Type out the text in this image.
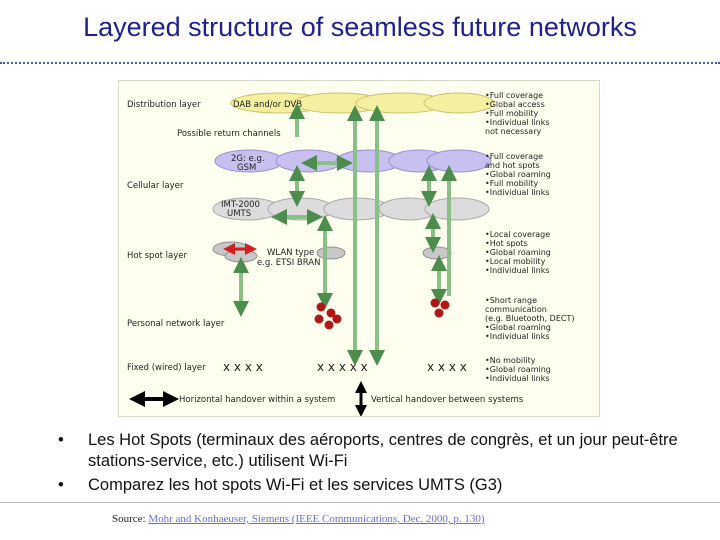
Layered structure of seamless future networks
Distribution layer
Possible return channels
Cellular layer
Hot spot layer
Personal network layer
Fixed (wired) layer
DAB and/or DVB
2G: e.g.
GSM
IMT-2000
UMTS
WLAN type
e.g. ETSI BRAN
x x x x	x x x x x	x x x x
•Full coverage •Global access •Full mobility •Individual links not necessary
•Full coverage and hot spots •Global roaming •Full mobility •Individual links
•Local coverage •Hot spots •Global roaming •Local mobility •Individual links
•Short range communication (e.g. Bluetooth, DECT) •Global roaming •Individual links
•No mobility •Global roaming •Individual links
Horizontal handover within a system	Vertical handover between systems
• Les Hot Spots (terminaux des aéroports, centres de congrès, et un jour peut-être stations-service, etc.) utilisent Wi-Fi
• Comparez les hot spots Wi-Fi et les services UMTS (G3)
Source: Mohr and Konhaeuser, Siemens (IEEE Communications, Dec. 2000, p. 130)
